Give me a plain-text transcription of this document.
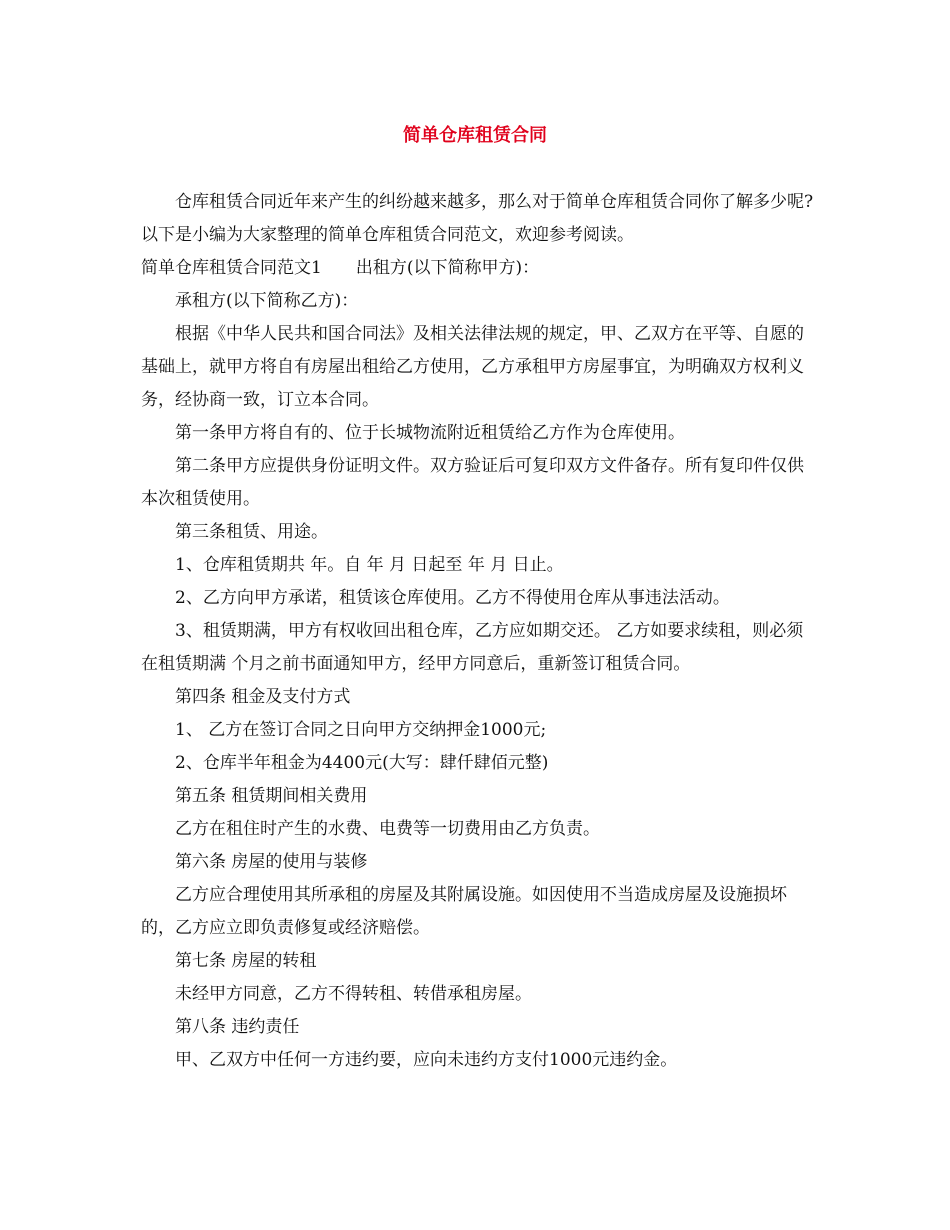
简单仓库租赁合同

仓库租赁合同近年来产生的纠纷越来越多，那么对于简单仓库租赁合同你了解多少呢?以下是小编为大家整理的简单仓库租赁合同范文，欢迎参考阅读。

简单仓库租赁合同范文1　　出租方(以下简称甲方)：

承租方(以下简称乙方)：

根据《中华人民共和国合同法》及相关法律法规的规定，甲、乙双方在平等、自愿的基础上，就甲方将自有房屋出租给乙方使用，乙方承租甲方房屋事宜，为明确双方权利义务，经协商一致，订立本合同。

第一条甲方将自有的、位于长城物流附近租赁给乙方作为仓库使用。

第二条甲方应提供身份证明文件。双方验证后可复印双方文件备存。所有复印件仅供本次租赁使用。

第三条租赁、用途。

1、仓库租赁期共 年。自 年 月 日起至 年 月 日止。

2、乙方向甲方承诺，租赁该仓库使用。乙方不得使用仓库从事违法活动。

3、租赁期满，甲方有权收回出租仓库，乙方应如期交还。 乙方如要求续租，则必须在租赁期满 个月之前书面通知甲方，经甲方同意后，重新签订租赁合同。

第四条 租金及支付方式

1、 乙方在签订合同之日向甲方交纳押金1000元;

2、仓库半年租金为4400元(大写：肆仟肆佰元整)

第五条 租赁期间相关费用

乙方在租住时产生的水费、电费等一切费用由乙方负责。

第六条 房屋的使用与装修

乙方应合理使用其所承租的房屋及其附属设施。如因使用不当造成房屋及设施损坏的，乙方应立即负责修复或经济赔偿。

第七条 房屋的转租

未经甲方同意，乙方不得转租、转借承租房屋。

第八条 违约责任

甲、乙双方中任何一方违约要，应向未违约方支付1000元违约金。
